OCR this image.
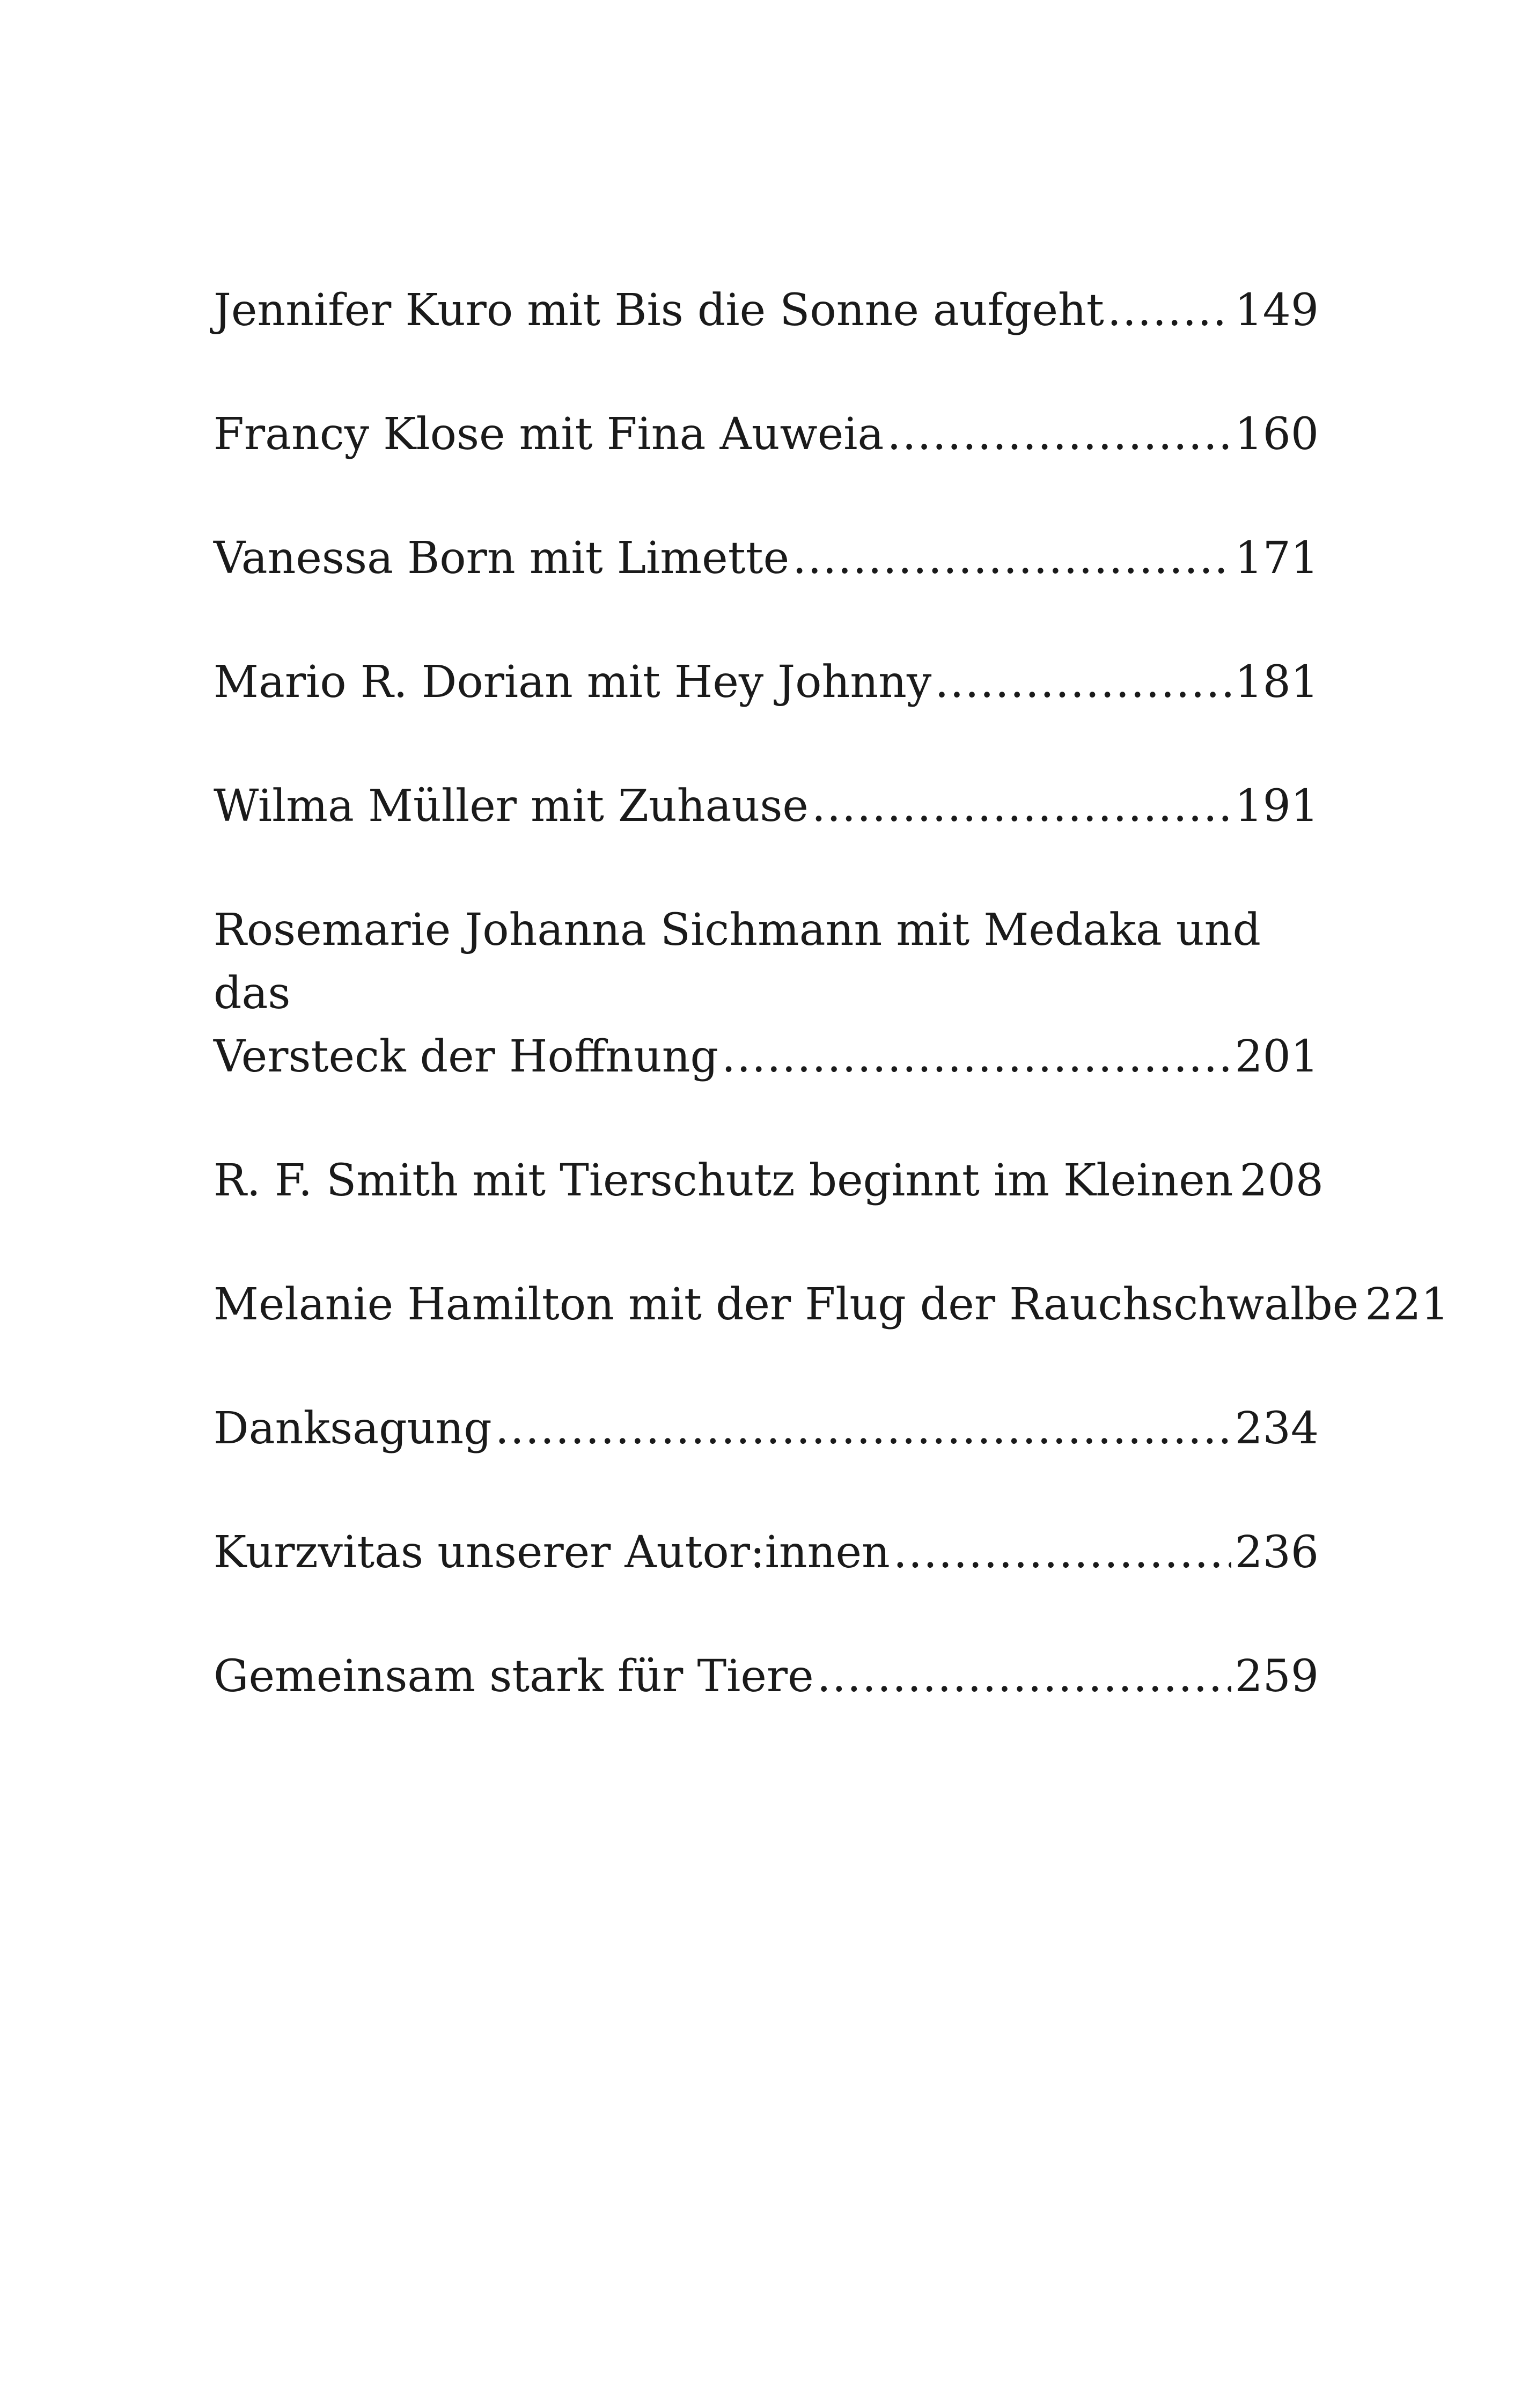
Jennifer Kuro mit Bis die Sonne aufgeht .....	149
Francy Klose mit Fina Auweia .....	160
Vanessa Born mit Limette .....	171
Mario R. Dorian mit Hey Johnny .....	181
Wilma Müller mit Zuhause .....	191
Rosemarie Johanna Sichmann mit Medaka und das
Versteck der Hoffnung .....	201
R. F. Smith mit Tierschutz beginnt im Kleinen 208
Melanie Hamilton mit der Flug der Rauchschwalbe 221
Danksagung .....	234
Kurzvitas unserer Autor:innen .....	236
Gemeinsam stark für Tiere .....	259
